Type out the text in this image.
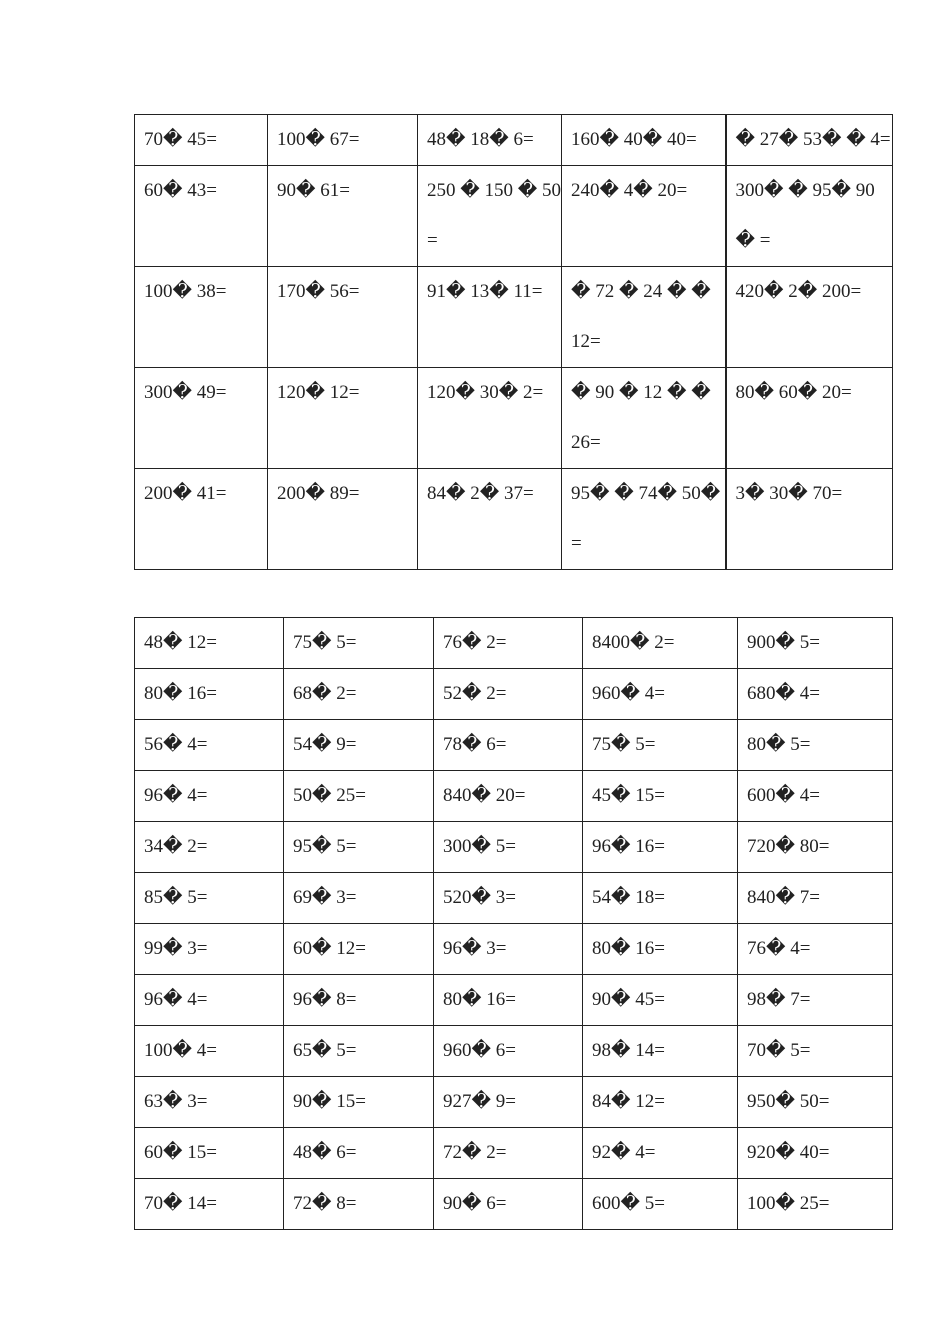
70� 45=	100� 67=	48� 18� 6=	160� 40� 40=	� 27� 53� � 4=
60� 43=	90� 61=	250 � 150 � 50=	240� 4� 20=	300� � 95� 90� =
100� 38=	170� 56=	91� 13� 11=	� 72 � 24 � � 12=	420� 2� 200=
300� 49=	120� 12=	120� 30� 2=	� 90 � 12 � � 26=	80� 60� 20=
200� 41=	200� 89=	84� 2� 37=	95� � 74� 50� =	3� 30� 70=
48� 12=	75� 5=	76� 2=	8400� 2=	900� 5=
80� 16=	68� 2=	52� 2=	960� 4=	680� 4=
56� 4=	54� 9=	78� 6=	75� 5=	80� 5=
96� 4=	50� 25=	840� 20=	45� 15=	600� 4=
34� 2=	95� 5=	300� 5=	96� 16=	720� 80=
85� 5=	69� 3=	520� 3=	54� 18=	840� 7=
99� 3=	60� 12=	96� 3=	80� 16=	76� 4=
96� 4=	96� 8=	80� 16=	90� 45=	98� 7=
100� 4=	65� 5=	960� 6=	98� 14=	70� 5=
63� 3=	90� 15=	927� 9=	84� 12=	950� 50=
60� 15=	48� 6=	72� 2=	92� 4=	920� 40=
70� 14=	72� 8=	90� 6=	600� 5=	100� 25=
